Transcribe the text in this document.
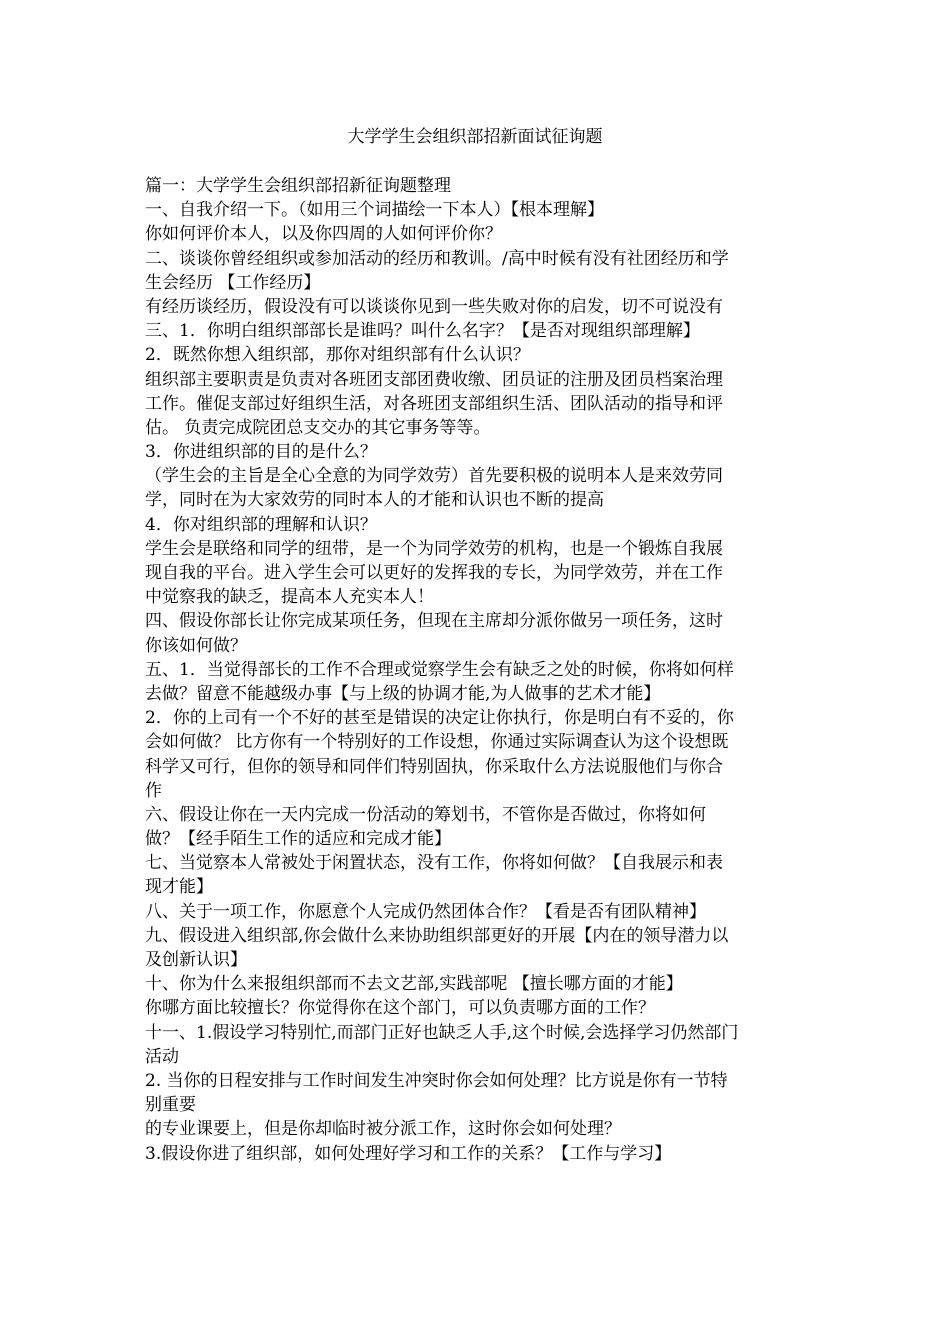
大学学生会组织部招新面试征询题
篇一：大学学生会组织部招新征询题整理
一、自我介绍一下。（如用三个词描绘一下本人）【根本理解】
你如何评价本人，以及你四周的人如何评价你？
二、谈谈你曾经组织或参加活动的经历和教训。/高中时候有没有社团经历和学
生会经历 【工作经历】
有经历谈经历，假设没有可以谈谈你见到一些失败对你的启发，切不可说没有
三、1．你明白组织部部长是谁吗？叫什么名字？【是否对现组织部理解】
2．既然你想入组织部，那你对组织部有什么认识？
组织部主要职责是负责对各班团支部团费收缴、团员证的注册及团员档案治理
工作。催促支部过好组织生活，对各班团支部组织生活、团队活动的指导和评
估。 负责完成院团总支交办的其它事务等等。
3．你进组织部的目的是什么？
（学生会的主旨是全心全意的为同学效劳）首先要积极的说明本人是来效劳同
学，同时在为大家效劳的同时本人的才能和认识也不断的提高
4．你对组织部的理解和认识？
学生会是联络和同学的纽带，是一个为同学效劳的机构，也是一个锻炼自我展
现自我的平台。进入学生会可以更好的发挥我的专长，为同学效劳，并在工作
中觉察我的缺乏，提高本人充实本人！
四、假设你部长让你完成某项任务，但现在主席却分派你做另一项任务，这时
你该如何做？
五、1．当觉得部长的工作不合理或觉察学生会有缺乏之处的时候，你将如何样
去做？留意不能越级办事【与上级的协调才能,为人做事的艺术才能】
2．你的上司有一个不好的甚至是错误的决定让你执行，你是明白有不妥的，你
会如何做？ 比方你有一个特别好的工作设想，你通过实际调查认为这个设想既
科学又可行，但你的领导和同伴们特别固执，你采取什么方法说服他们与你合
作
六、假设让你在一天内完成一份活动的筹划书，不管你是否做过，你将如何
做？【经手陌生工作的适应和完成才能】
七、当觉察本人常被处于闲置状态，没有工作，你将如何做？【自我展示和表
现才能】
八、关于一项工作，你愿意个人完成仍然团体合作？【看是否有团队精神】
九、假设进入组织部,你会做什么来协助组织部更好的开展【内在的领导潜力以
及创新认识】
十、你为什么来报组织部而不去文艺部,实践部呢 【擅长哪方面的才能】
你哪方面比较擅长？你觉得你在这个部门，可以负责哪方面的工作？
十一、1.假设学习特别忙,而部门正好也缺乏人手,这个时候,会选择学习仍然部门
活动
2. 当你的日程安排与工作时间发生冲突时你会如何处理？比方说是你有一节特
别重要
的专业课要上，但是你却临时被分派工作，这时你会如何处理？
3.假设你进了组织部，如何处理好学习和工作的关系？【工作与学习】
